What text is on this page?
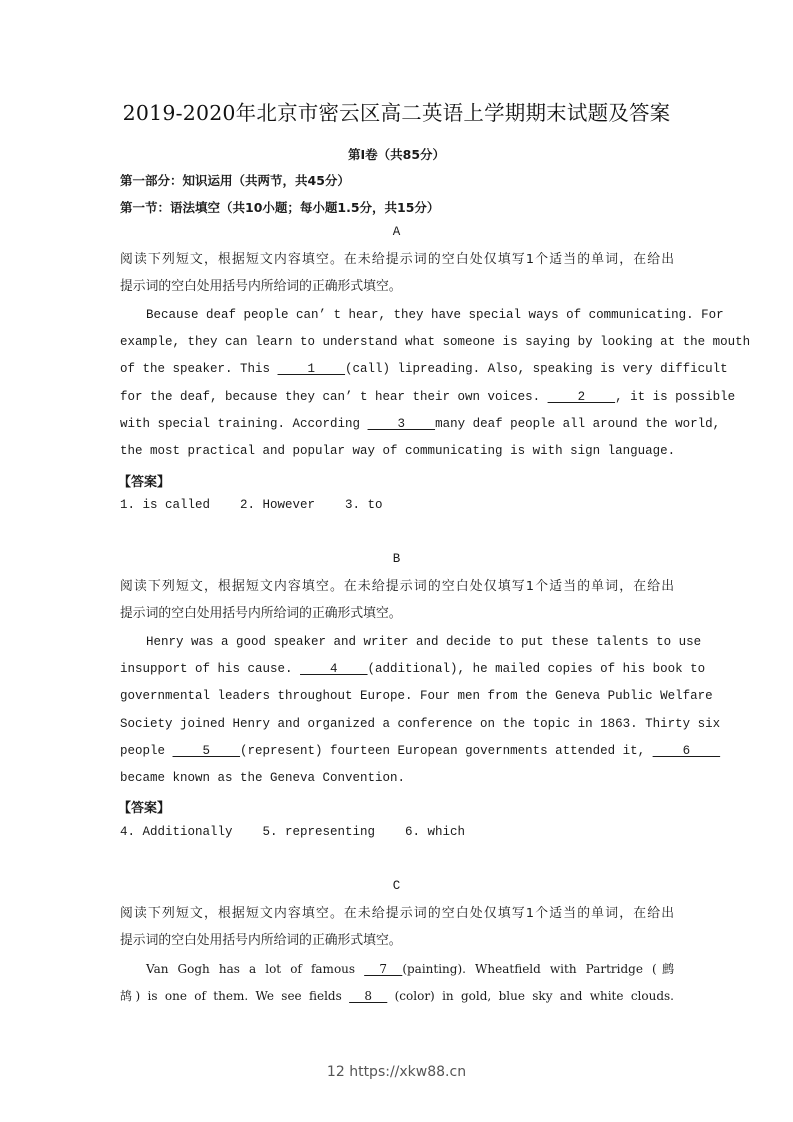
2019-2020年北京市密云区高二英语上学期期末试题及答案
第I卷（共85分）
第一部分：知识运用（共两节，共45分）
第一节：语法填空（共10小题；每小题1.5分，共15分）
A
阅读下列短文，根据短文内容填空。在未给提示词的空白处仅填写1个适当的单词，在给出
提示词的空白处用括号内所给词的正确形式填空。
Because deaf people can’ t hear, they have special ways of communicating. For
example, they can learn to understand what someone is saying by looking at the mouth
of the speaker. This     1    (call) lipreading. Also, speaking is very difficult
for the deaf, because they can’ t hear their own voices.     2    , it is possible
with special training. According     3    many deaf people all around the world,
the most practical and popular way of communicating is with sign language.
【答案】
1. is called    2. However    3. to
B
阅读下列短文，根据短文内容填空。在未给提示词的空白处仅填写1个适当的单词，在给出
提示词的空白处用括号内所给词的正确形式填空。
Henry was a good speaker and writer and decide to put these talents to use
insupport of his cause.     4    (additional), he mailed copies of his book to
governmental leaders throughout Europe. Four men from the Geneva Public Welfare
Society joined Henry and organized a conference on the topic in 1863. Thirty six
people     5    (represent) fourteen European governments attended it,     6
became known as the Geneva Convention.
【答案】
4. Additionally    5. representing    6. which
C
阅读下列短文，根据短文内容填空。在未给提示词的空白处仅填写1个适当的单词，在给出
提示词的空白处用括号内所给词的正确形式填空。
Van Gogh has a lot of famous     7    (painting). Wheatfield with Partridge (鹧
鸪) is one of them. We see fields     8     (color) in gold, blue sky and white clouds.
12 https://xkw88.cn
